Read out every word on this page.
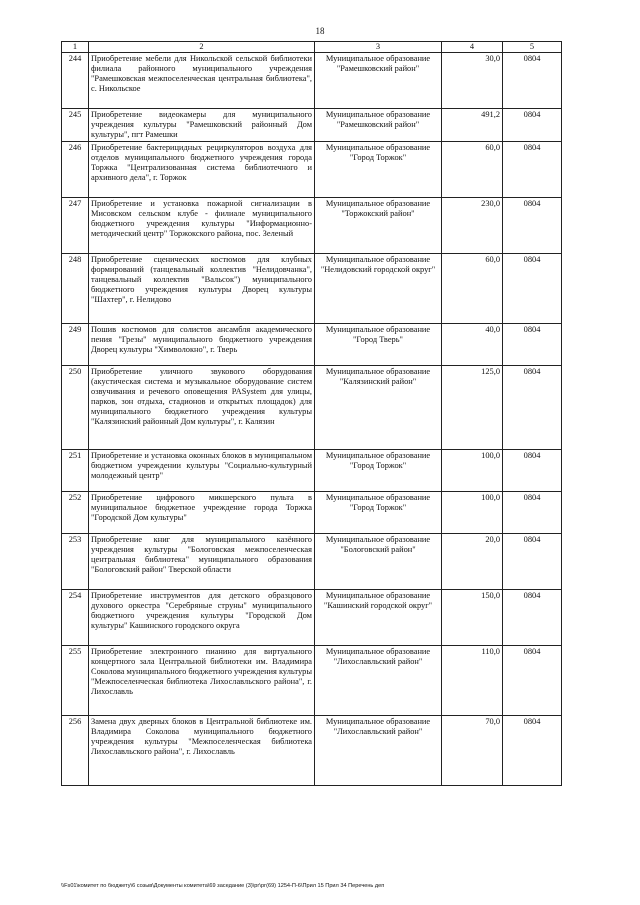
18
1	2	3	4	5
244	Приобретение мебели для Никольской сельской библиотеки филиала районного муниципального учреждения "Рамешковская межпоселенческая центральная библиотека", с. Никольское	Муниципальное образование "Рамешковский район"	30,0	0804
245	Приобретение видеокамеры для муниципального учреждения культуры "Рамешковский районный Дом культуры", пгт Рамешки	Муниципальное образование "Рамешковский район"	491,2	0804
246	Приобретение бактерицидных рециркуляторов воздуха для отделов муниципального бюджетного учреждения города Торжка "Централизованная система библиотечного и архивного дела", г. Торжок	Муниципальное образование "Город Торжок"	60,0	0804
247	Приобретение и установка пожарной сигнализации в Мисовском сельском клубе - филиале муниципального бюджетного учреждения культуры "Информационно-методический центр" Торжокского района, пос. Зеленый	Муниципальное образование "Торжокский район"	230,0	0804
248	Приобретение сценических костюмов для клубных формирований (танцевальный коллектив "Нелидовчанка", танцевальный коллектив "Вальсок") муниципального бюджетного учреждения культуры Дворец культуры "Шахтер", г. Нелидово	Муниципальное образование "Нелидовский городской округ"	60,0	0804
249	Пошив костюмов для солистов ансамбля академического пения "Грезы" муниципального бюджетного учреждения Дворец культуры "Химволокно", г. Тверь	Муниципальное образование "Город Тверь"	40,0	0804
250	Приобретение уличного звукового оборудования (акустическая система и музыкальное оборудование систем озвучивания и речевого оповещения PASystem для улицы, парков, зон отдыха, стадионов и открытых площадок) для муниципального бюджетного учреждения культуры "Калязинский районный Дом культуры", г. Калязин	Муниципальное образование "Калязинский район"	125,0	0804
251	Приобретение и установка оконных блоков в муниципальном бюджетном учреждении культуры "Социально-культурный молодежный центр"	Муниципальное образование "Город Торжок"	100,0	0804
252	Приобретение цифрового микшерского пульта в муниципальное бюджетное учреждение города Торжка "Городской Дом культуры"	Муниципальное образование "Город Торжок"	100,0	0804
253	Приобретение книг для муниципального казённого учреждения культуры "Бологовская межпоселенческая центральная библиотека" муниципального образования "Бологовский район" Тверской области	Муниципальное образование "Бологовский район"	20,0	0804
254	Приобретение инструментов для детского образцового духового оркестра "Серебряные струны" муниципального бюджетного учреждения культуры "Городской Дом культуры" Кашинского городского округа	Муниципальное образование "Кашинский городской округ"	150,0	0804
255	Приобретение электронного пианино для виртуального концертного зала Центральной библиотеки им. Владимира Соколова муниципального бюджетного учреждения культуры "Межпоселенческая библиотека Лихославльского района", г. Лихославль	Муниципальное образование "Лихославльский район"	110,0	0804
256	Замена двух дверных блоков в Центральной библиотеке им. Владимира Соколова муниципального бюджетного учреждения культуры "Межпоселенческая библиотека Лихославльского района", г. Лихославль	Муниципальное образование "Лихославльский район"	70,0	0804
\\Fs01\комитет по бюджету\6 созыв\Документы комитета\69 заседание (3)\рг\рг(69) 1254-П-6\Прил 15 Прил 34 Перечень деп
